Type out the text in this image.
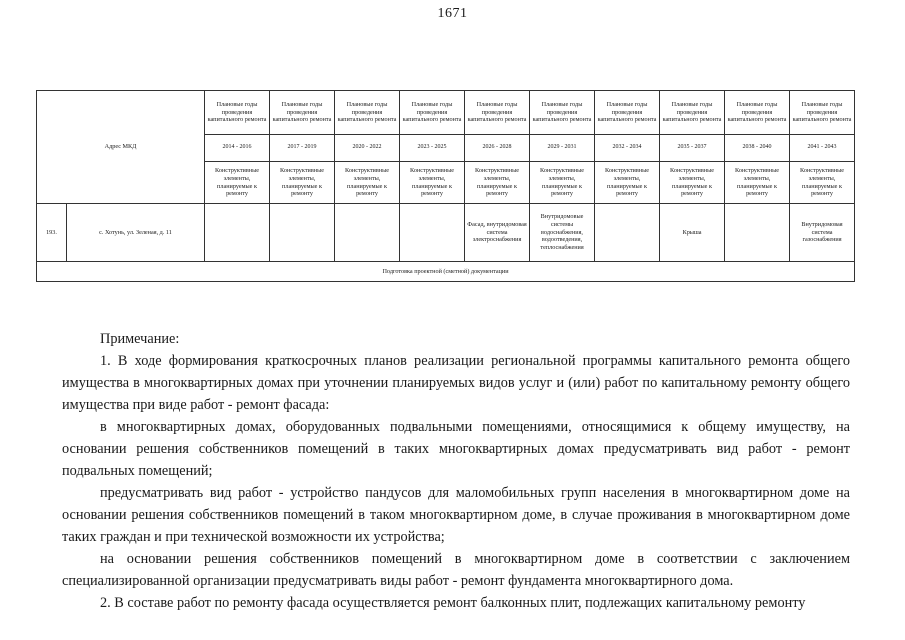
1671
Адрес МКД		Плановые годы проведения капитального ремонта	Плановые годы проведения капитального ремонта	Плановые годы проведения капитального ремонта	Плановые годы проведения капитального ремонта	Плановые годы проведения капитального ремонта	Плановые годы проведения капитального ремонта	Плановые годы проведения капитального ремонта	Плановые годы проведения капитального ремонта	Плановые годы проведения капитального ремонта	Плановые годы проведения капитального ремонта
		2014 - 2016	2017 - 2019	2020 - 2022	2023 - 2025	2026 - 2028	2029 - 2031	2032 - 2034	2035 - 2037	2038 - 2040	2041 - 2043
		Конструктивные элементы, планируемые к ремонту	Конструктивные элементы, планируемые к ремонту	Конструктивные элементы, планируемые к ремонту	Конструктивные элементы, планируемые к ремонту	Конструктивные элементы, планируемые к ремонту	Конструктивные элементы, планируемые к ремонту	Конструктивные элементы, планируемые к ремонту	Конструктивные элементы, планируемые к ремонту	Конструктивные элементы, планируемые к ремонту	Конструктивные элементы, планируемые к ремонту
193.	с. Хотунь, ул. Зеленая, д. 11					Фасад, внутридомовая система электроснабжения	Внутридомовые системы водоснабжения, водоотведения, теплоснабжения		Крыша		Внутридомовая система газоснабжения
Подготовка проектной (сметной) документации											

Примечание:

1. В ходе формирования краткосрочных планов реализации региональной программы капитального ремонта общего имущества в многоквартирных домах при уточнении планируемых видов услуг и (или) работ по капитальному ремонту общего имущества при виде работ - ремонт фасада:

в многоквартирных домах, оборудованных подвальными помещениями, относящимися к общему имуществу, на основании решения собственников помещений в таких многоквартирных домах предусматривать вид работ - ремонт подвальных помещений;

предусматривать вид работ - устройство пандусов для маломобильных групп населения в многоквартирном доме на основании решения собственников помещений в таком многоквартирном доме, в случае проживания в многоквартирном доме таких граждан и при технической возможности их устройства;

на основании решения собственников помещений в многоквартирном доме в соответствии с заключением специализированной организации предусматривать виды работ - ремонт фундамента многоквартирного дома.

2. В составе работ по ремонту фасада осуществляется ремонт балконных плит, подлежащих капитальному ремонту
